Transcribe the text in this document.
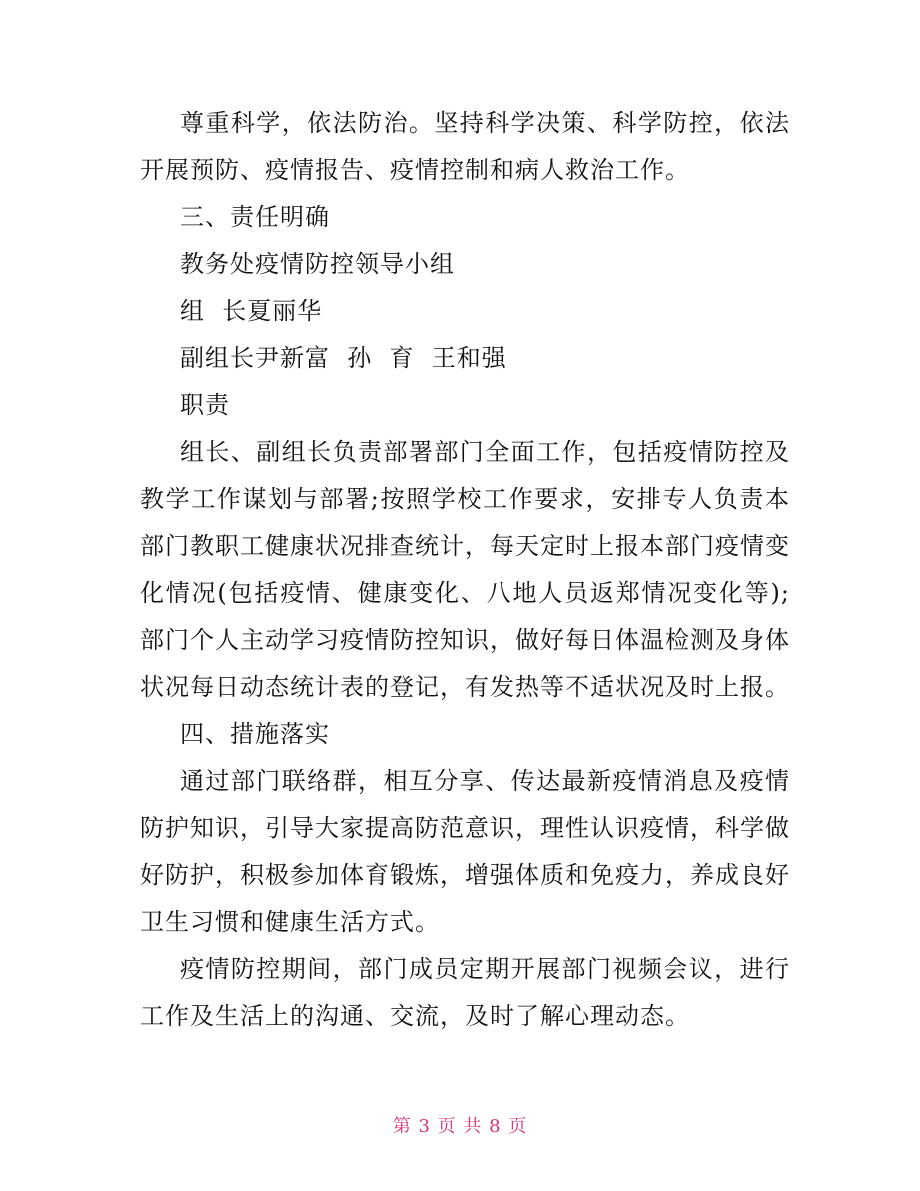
尊重科学，依法防治。坚持科学决策、科学防控，依法开展预防、疫情报告、疫情控制和病人救治工作。

三、责任明确

教务处疫情防控领导小组

组  长夏丽华

副组长尹新富  孙  育  王和强

职责

组长、副组长负责部署部门全面工作，包括疫情防控及教学工作谋划与部署;按照学校工作要求，安排专人负责本部门教职工健康状况排查统计，每天定时上报本部门疫情变化情况(包括疫情、健康变化、八地人员返郑情况变化等);部门个人主动学习疫情防控知识，做好每日体温检测及身体状况每日动态统计表的登记，有发热等不适状况及时上报。

四、措施落实

通过部门联络群，相互分享、传达最新疫情消息及疫情防护知识，引导大家提高防范意识，理性认识疫情，科学做好防护，积极参加体育锻炼，增强体质和免疫力，养成良好卫生习惯和健康生活方式。

疫情防控期间，部门成员定期开展部门视频会议，进行工作及生活上的沟通、交流，及时了解心理动态。

第 3 页 共 8 页
